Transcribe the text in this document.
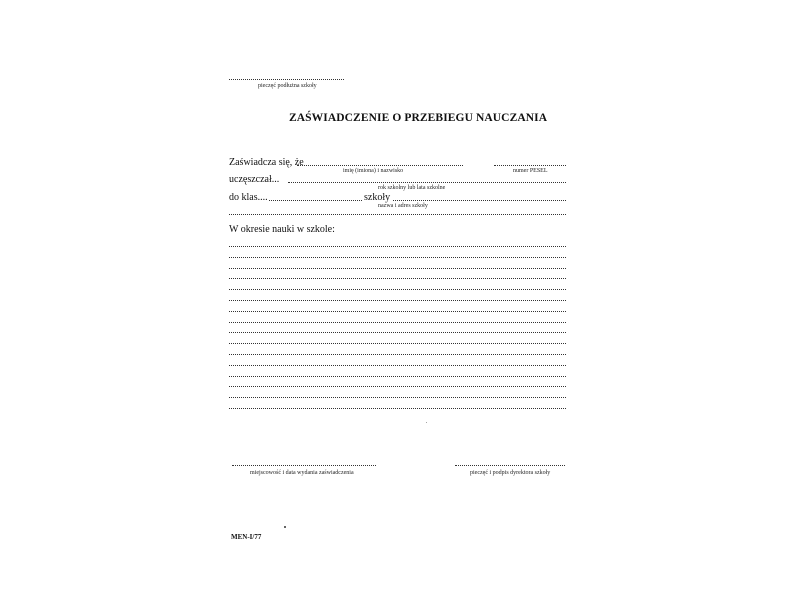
pieczęć podłużna szkoły
ZAŚWIADCZENIE O PRZEBIEGU NAUCZANIA
Zaświadcza się, że
imię (imiona) i nazwisko	numer PESEL
uczęszczał...
rok szkolny lub lata szkolne
do klas....	szkoły
nazwa i adres szkoły
W okresie nauki w szkole:
miejscowość i data wydania zaświadczenia	pieczęć i podpis dyrektora szkoły
MEN-I/77
